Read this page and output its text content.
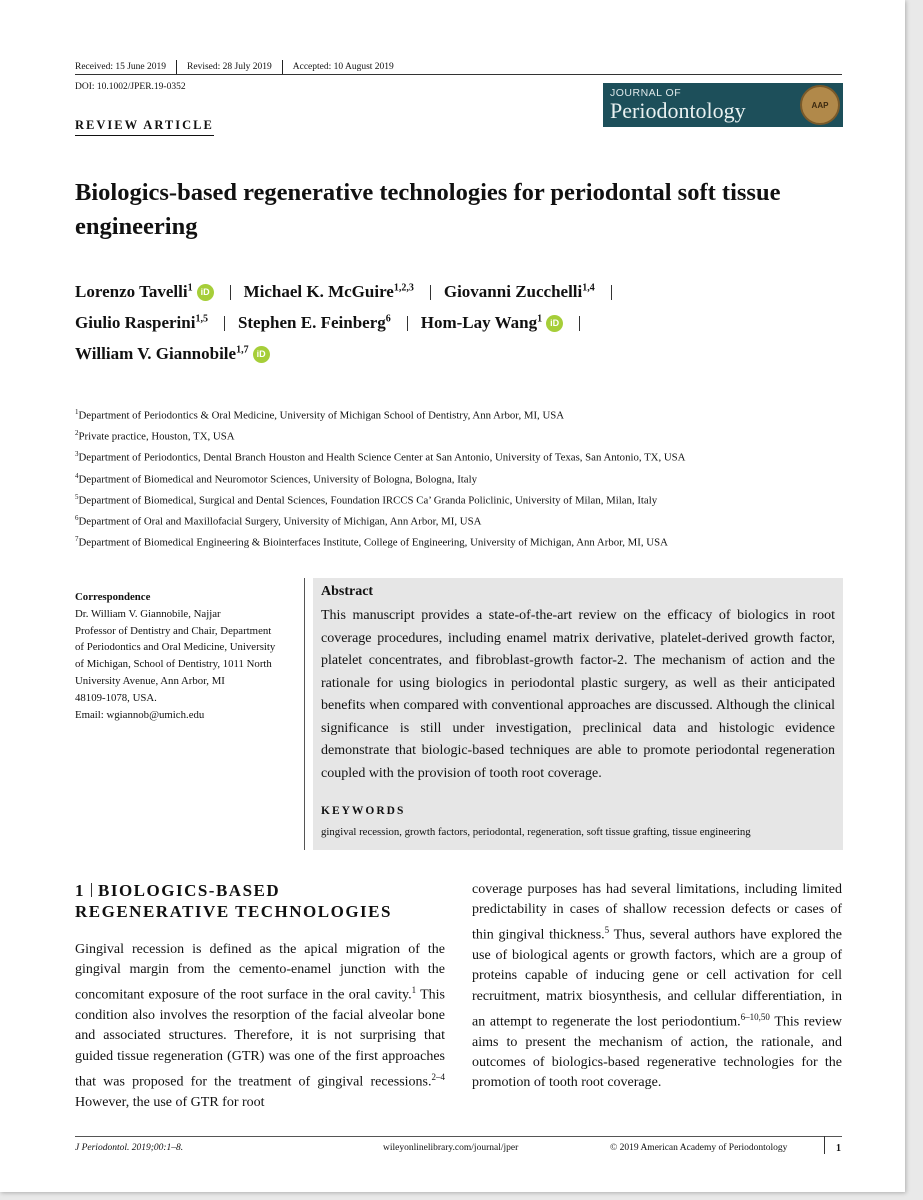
Received: 15 June 2019 Revised: 28 July 2019 Accepted: 10 August 2019
DOI: 10.1002/JPER.19-0352
JOURNAL OF
Periodontology	AAP
REVIEW ARTICLE
Biologics-based regenerative technologies for periodontal soft tissue engineering
Lorenzo Tavelli$^1$ iD Michael K. McGuire$^{1,2,3}$ Giovanni Zucchelli$^{1,4}$
Giulio Rasperini$^{1,5}$ Stephen E. Feinberg$^6$ Hom-Lay Wang$^1$ iD
William V. Giannobile$^{1,7}$ iD
$^1$Department of Periodontics & Oral Medicine, University of Michigan School of Dentistry, Ann Arbor, MI, USA
$^2$Private practice, Houston, TX, USA
$^3$Department of Periodontics, Dental Branch Houston and Health Science Center at San Antonio, University of Texas, San Antonio, TX, USA
$^4$Department of Biomedical and Neuromotor Sciences, University of Bologna, Bologna, Italy
$^5$Department of Biomedical, Surgical and Dental Sciences, Foundation IRCCS Ca’ Granda Policlinic, University of Milan, Milan, Italy
$^6$Department of Oral and Maxillofacial Surgery, University of Michigan, Ann Arbor, MI, USA
$^7$Department of Biomedical Engineering & Biointerfaces Institute, College of Engineering, University of Michigan, Ann Arbor, MI, USA
Correspondence
Dr. William V. Giannobile, Najjar
Professor of Dentistry and Chair, Department
of Periodontics and Oral Medicine, University
of Michigan, School of Dentistry, 1011 North
University Avenue, Ann Arbor, MI
48109-1078, USA.
Email: wgiannob@umich.edu
Abstract
This manuscript provides a state-of-the-art review on the efficacy of biologics in root coverage procedures, including enamel matrix derivative, platelet-derived growth factor, platelet concentrates, and fibroblast-growth factor-2. The mechanism of action and the rationale for using biologics in periodontal plastic surgery, as well as their anticipated benefits when compared with conventional approaches are discussed. Although the clinical significance is still under investigation, preclinical data and histologic evidence demonstrate that biologic-based techniques are able to promote periodontal regeneration coupled with the provision of tooth root coverage.
KEYWORDS
gingival recession, growth factors, periodontal, regeneration, soft tissue grafting, tissue engineering
1 BIOLOGICS-BASED
REGENERATIVE TECHNOLOGIES
Gingival recession is defined as the apical migration of the gingival margin from the cemento-enamel junction with the concomitant exposure of the root surface in the oral cavity.$^1$ This condition also involves the resorption of the facial alveolar bone and associated structures. Therefore, it is not surprising that guided tissue regeneration (GTR) was one of the first approaches that was proposed for the treatment of gingival recessions.$^{2-4}$ However, the use of GTR for root
coverage purposes has had several limitations, including limited predictability in cases of shallow recession defects or cases of thin gingival thickness.$^5$ Thus, several authors have explored the use of biological agents or growth factors, which are a group of proteins capable of inducing gene or cell activation for cell recruitment, matrix biosynthesis, and cellular differentiation, in an attempt to regenerate the lost periodontium.$^{6-10,50}$ This review aims to present the mechanism of action, the rationale, and outcomes of biologics-based regenerative technologies for the promotion of tooth root coverage.
J Periodontol. 2019;00:1–8.	wileyonlinelibrary.com/journal/jper	© 2019 American Academy of Periodontology	1
